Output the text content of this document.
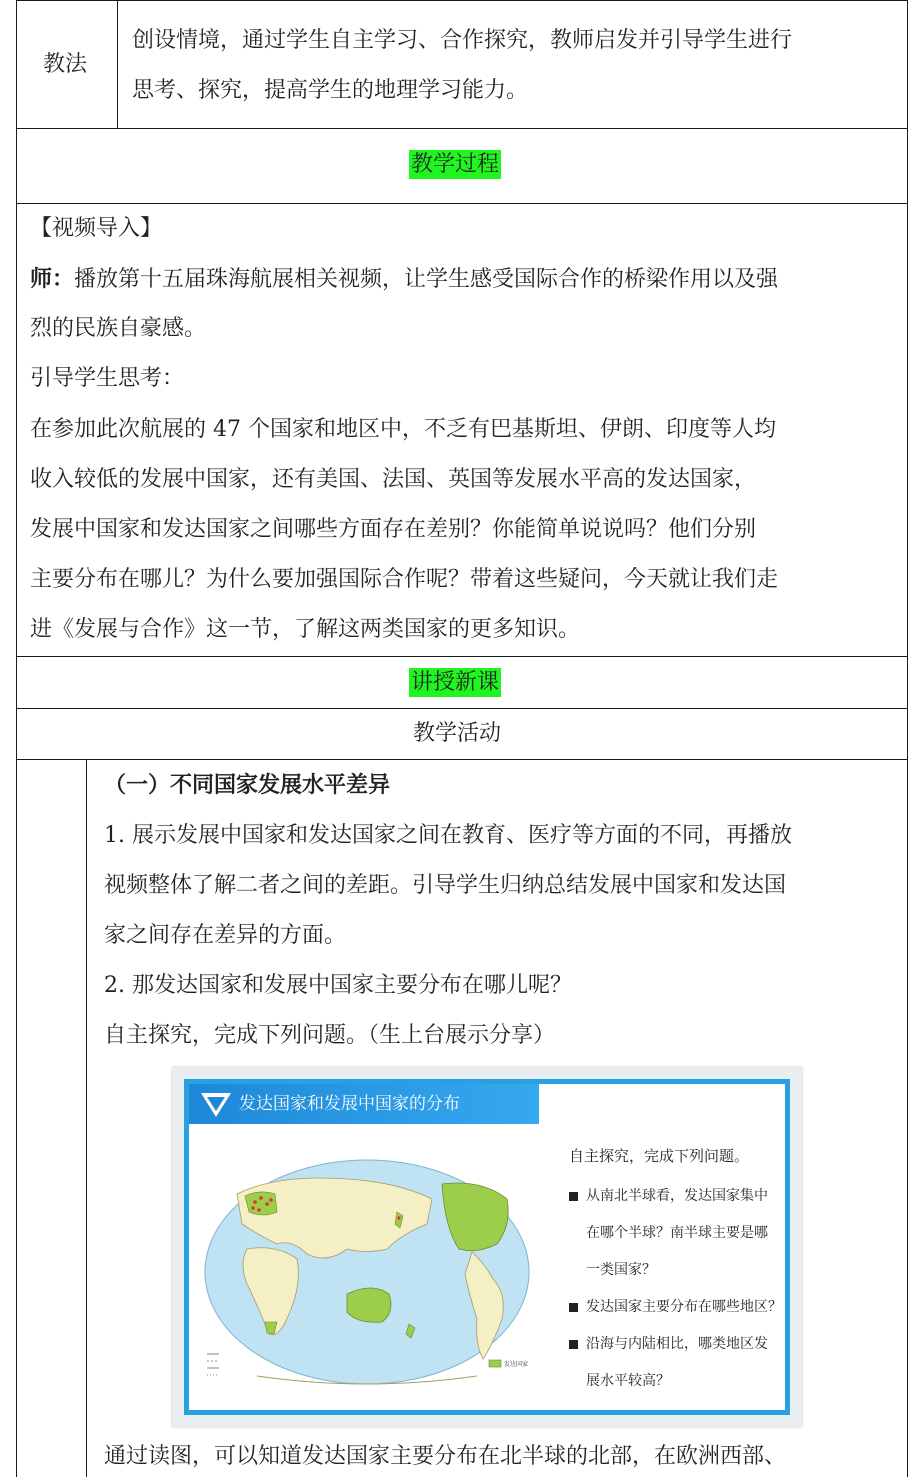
教法
创设情境，通过学生自主学习、合作探究，教师启发并引导学生进行
思考、探究，提高学生的地理学习能力。
教学过程
【视频导入】
师：播放第十五届珠海航展相关视频，让学生感受国际合作的桥梁作用以及强
烈的民族自豪感。
引导学生思考：
在参加此次航展的 47 个国家和地区中，不乏有巴基斯坦、伊朗、印度等人均
收入较低的发展中国家，还有美国、法国、英国等发展水平高的发达国家，
发展中国家和发达国家之间哪些方面存在差别？你能简单说说吗？他们分别
主要分布在哪儿？为什么要加强国际合作呢？带着这些疑问，今天就让我们走
进《发展与合作》这一节，了解这两类国家的更多知识。
讲授新课
教学活动
（一）不同国家发展水平差异
1. 展示发展中国家和发达国家之间在教育、医疗等方面的不同，再播放
视频整体了解二者之间的差距。引导学生归纳总结发展中国家和发达国
家之间存在差异的方面。
2. 那发达国家和发展中国家主要分布在哪儿呢？
自主探究，完成下列问题。（生上台展示分享）
发达国家和发展中国家的分布
发达国家
自主探究，完成下列问题。
从南北半球看，发达国家集中
在哪个半球？南半球主要是哪
一类国家？
发达国家主要分布在哪些地区？
沿海与内陆相比，哪类地区发
展水平较高？
通过读图，可以知道发达国家主要分布在北半球的北部，在欧洲西部、
